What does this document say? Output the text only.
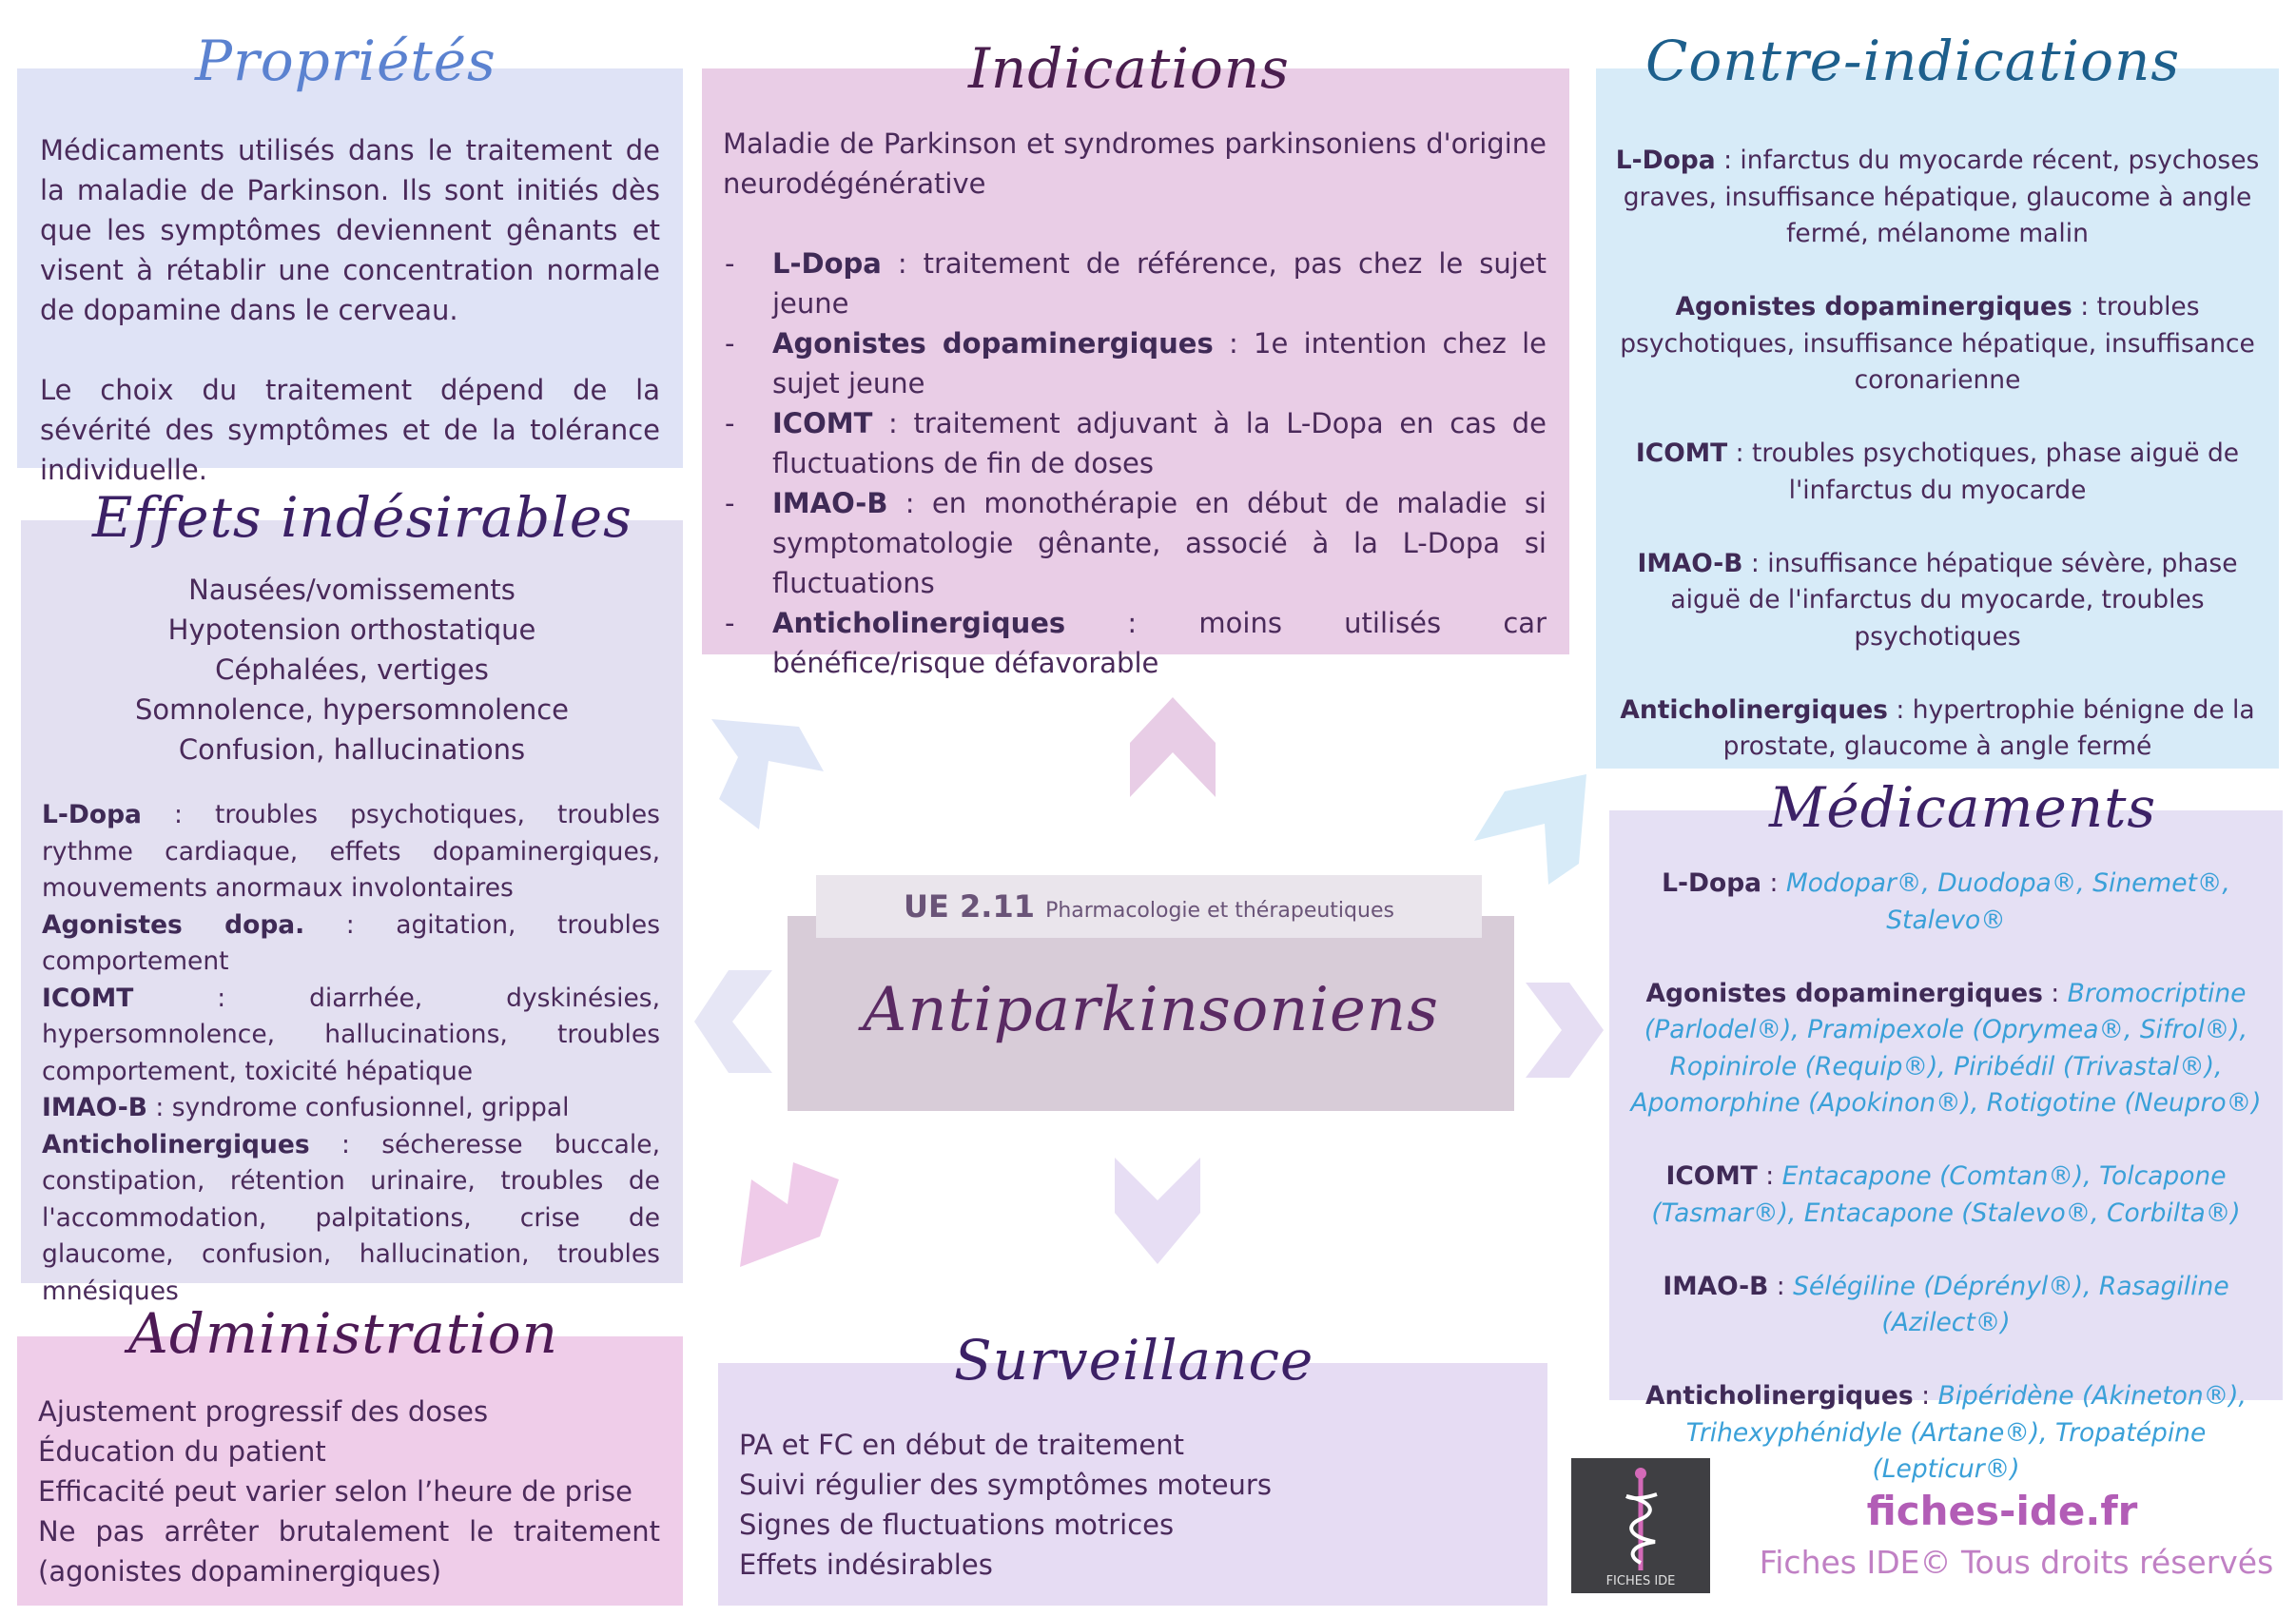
Propriétés

Médicaments utilisés dans le traitement de la maladie de Parkinson. Ils sont initiés dès que les symptômes deviennent gênants et visent à rétablir une concentration normale de dopamine dans le cerveau.

Le choix du traitement dépend de la sévérité des symptômes et de la tolérance individuelle.

Indications

Maladie de Parkinson et syndromes parkinsoniens d'origine neurodégénérative

- L-Dopa : traitement de référence, pas chez le sujet jeune
- Agonistes dopaminergiques : 1e intention chez le sujet jeune
- ICOMT : traitement adjuvant à la L-Dopa en cas de fluctuations de fin de doses
- IMAO-B : en monothérapie en début de maladie si symptomatologie gênante, associé à la L-Dopa si fluctuations
- Anticholinergiques : moins utilisés car bénéfice/risque défavorable
Contre-indications

L-Dopa : infarctus du myocarde récent, psychoses graves, insuffisance hépatique, glaucome à angle fermé, mélanome malin

Agonistes dopaminergiques : troubles psychotiques, insuffisance hépatique, insuffisance coronarienne

ICOMT : troubles psychotiques, phase aiguë de l'infarctus du myocarde

IMAO-B : insuffisance hépatique sévère, phase aiguë de l'infarctus du myocarde, troubles psychotiques

Anticholinergiques : hypertrophie bénigne de la prostate, glaucome à angle fermé

Effets indésirables

Nausées/vomissements

Hypotension orthostatique

Céphalées, vertiges

Somnolence, hypersomnolence

Confusion, hallucinations

L-Dopa : troubles psychotiques, troubles rythme cardiaque, effets dopaminergiques, mouvements anormaux involontaires

Agonistes dopa. : agitation, troubles comportement

ICOMT : diarrhée, dyskinésies, hypersomnolence, hallucinations, troubles comportement, toxicité hépatique

IMAO-B : syndrome confusionnel, grippal

Anticholinergiques : sécheresse buccale, constipation, rétention urinaire, troubles de l'accommodation, palpitations, crise de glaucome, confusion, hallucination, troubles mnésiques

UE 2.11 Pharmacologie et thérapeutiques
Antiparkinsoniens
Médicaments

L-Dopa : Modopar®, Duodopa®, Sinemet®, Stalevo®

Agonistes dopaminergiques : Bromocriptine (Parlodel®), Pramipexole (Oprymea®, Sifrol®), Ropinirole (Requip®), Piribédil (Trivastal®), Apomorphine (Apokinon®), Rotigotine (Neupro®)

ICOMT : Entacapone (Comtan®), Tolcapone (Tasmar®), Entacapone (Stalevo®, Corbilta®)

IMAO-B : Sélégiline (Déprényl®), Rasagiline (Azilect®)

Anticholinergiques : Bipéridène (Akineton®), Trihexyphénidyle (Artane®), Tropatépine (Lepticur®)

Administration

Ajustement progressif des doses

Éducation du patient

Efficacité peut varier selon l’heure de prise

Ne pas arrêter brutalement le traitement (agonistes dopaminergiques)

Surveillance

PA et FC en début de traitement

Suivi régulier des symptômes moteurs

Signes de fluctuations motrices

Effets indésirables

FICHES IDE
fiches-ide.fr
Fiches IDE© Tous droits réservés
